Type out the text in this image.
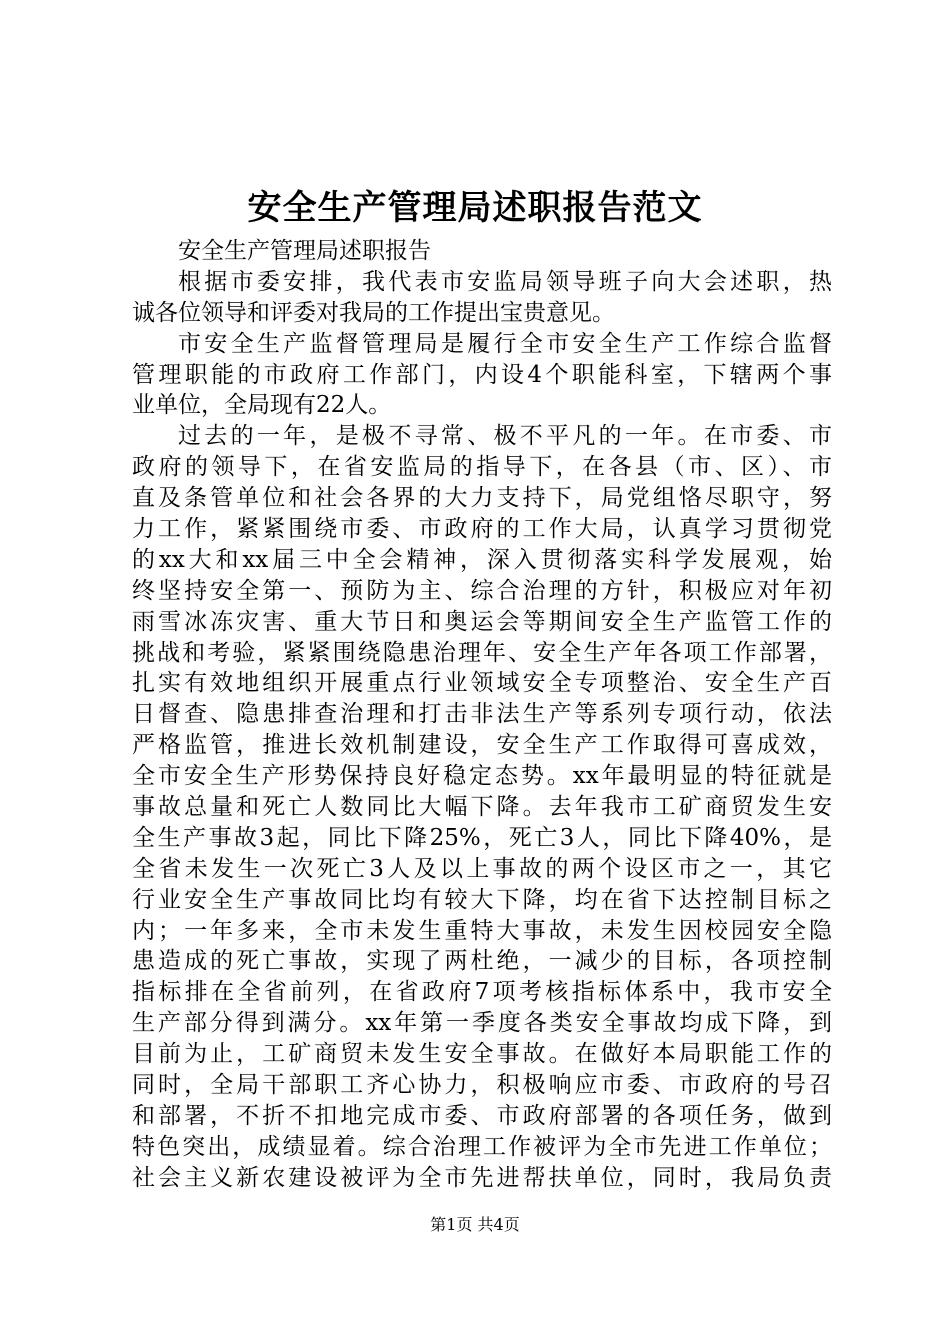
安全生产管理局述职报告范文
安全生产管理局述职报告
根据市委安排，我代表市安监局领导班子向大会述职，热
诚各位领导和评委对我局的工作提出宝贵意见。
市安全生产监督管理局是履行全市安全生产工作综合监督
管理职能的市政府工作部门，内设4个职能科室，下辖两个事
业单位，全局现有22人。
过去的一年，是极不寻常、极不平凡的一年。在市委、市
政府的领导下，在省安监局的指导下，在各县（市、区）、市
直及条管单位和社会各界的大力支持下，局党组恪尽职守，努
力工作，紧紧围绕市委、市政府的工作大局，认真学习贯彻党
的xx大和xx届三中全会精神，深入贯彻落实科学发展观，始
终坚持安全第一、预防为主、综合治理的方针，积极应对年初
雨雪冰冻灾害、重大节日和奥运会等期间安全生产监管工作的
挑战和考验，紧紧围绕隐患治理年、安全生产年各项工作部署，
扎实有效地组织开展重点行业领域安全专项整治、安全生产百
日督查、隐患排查治理和打击非法生产等系列专项行动，依法
严格监管，推进长效机制建设，安全生产工作取得可喜成效，
全市安全生产形势保持良好稳定态势。xx年最明显的特征就是
事故总量和死亡人数同比大幅下降。去年我市工矿商贸发生安
全生产事故3起，同比下降25%，死亡3人，同比下降40%，是
全省未发生一次死亡3人及以上事故的两个设区市之一，其它
行业安全生产事故同比均有较大下降，均在省下达控制目标之
内；一年多来，全市未发生重特大事故，未发生因校园安全隐
患造成的死亡事故，实现了两杜绝，一减少的目标，各项控制
指标排在全省前列，在省政府7项考核指标体系中，我市安全
生产部分得到满分。xx年第一季度各类安全事故均成下降，到
目前为止，工矿商贸未发生安全事故。在做好本局职能工作的
同时，全局干部职工齐心协力，积极响应市委、市政府的号召
和部署，不折不扣地完成市委、市政府部署的各项任务，做到
特色突出，成绩显着。综合治理工作被评为全市先进工作单位；
社会主义新农建设被评为全市先进帮扶单位，同时，我局负责
第1页 共4页
